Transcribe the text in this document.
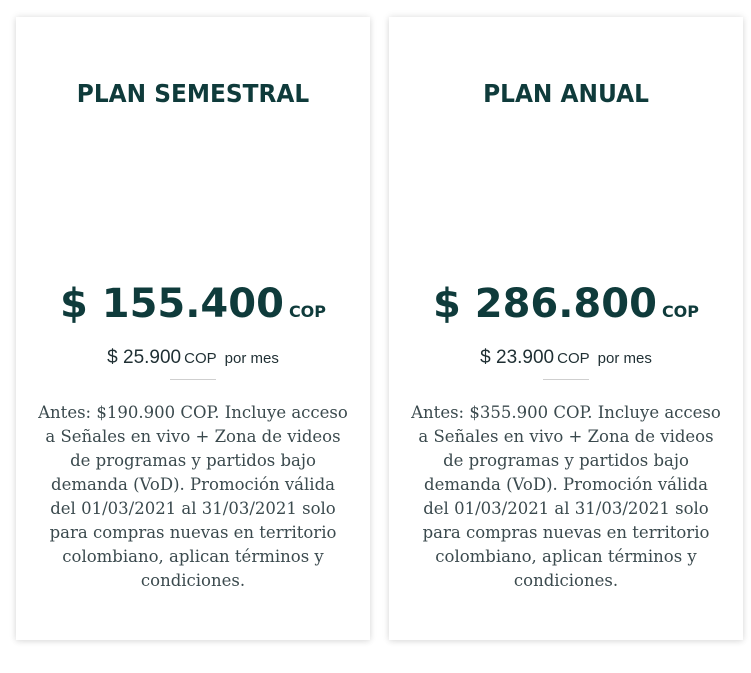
PLAN SEMESTRAL
$ 155.400 COP
$ 25.900 COP por mes
Antes: $190.900 COP. Incluye acceso a Señales en vivo + Zona de videos de programas y partidos bajo demanda (VoD). Promoción válida del 01/03/2021 al 31/03/2021 solo para compras nuevas en territorio colombiano, aplican términos y condiciones.
PLAN ANUAL
$ 286.800 COP
$ 23.900 COP por mes
Antes: $355.900 COP. Incluye acceso a Señales en vivo + Zona de videos de programas y partidos bajo demanda (VoD). Promoción válida del 01/03/2021 al 31/03/2021 solo para compras nuevas en territorio colombiano, aplican términos y condiciones.
